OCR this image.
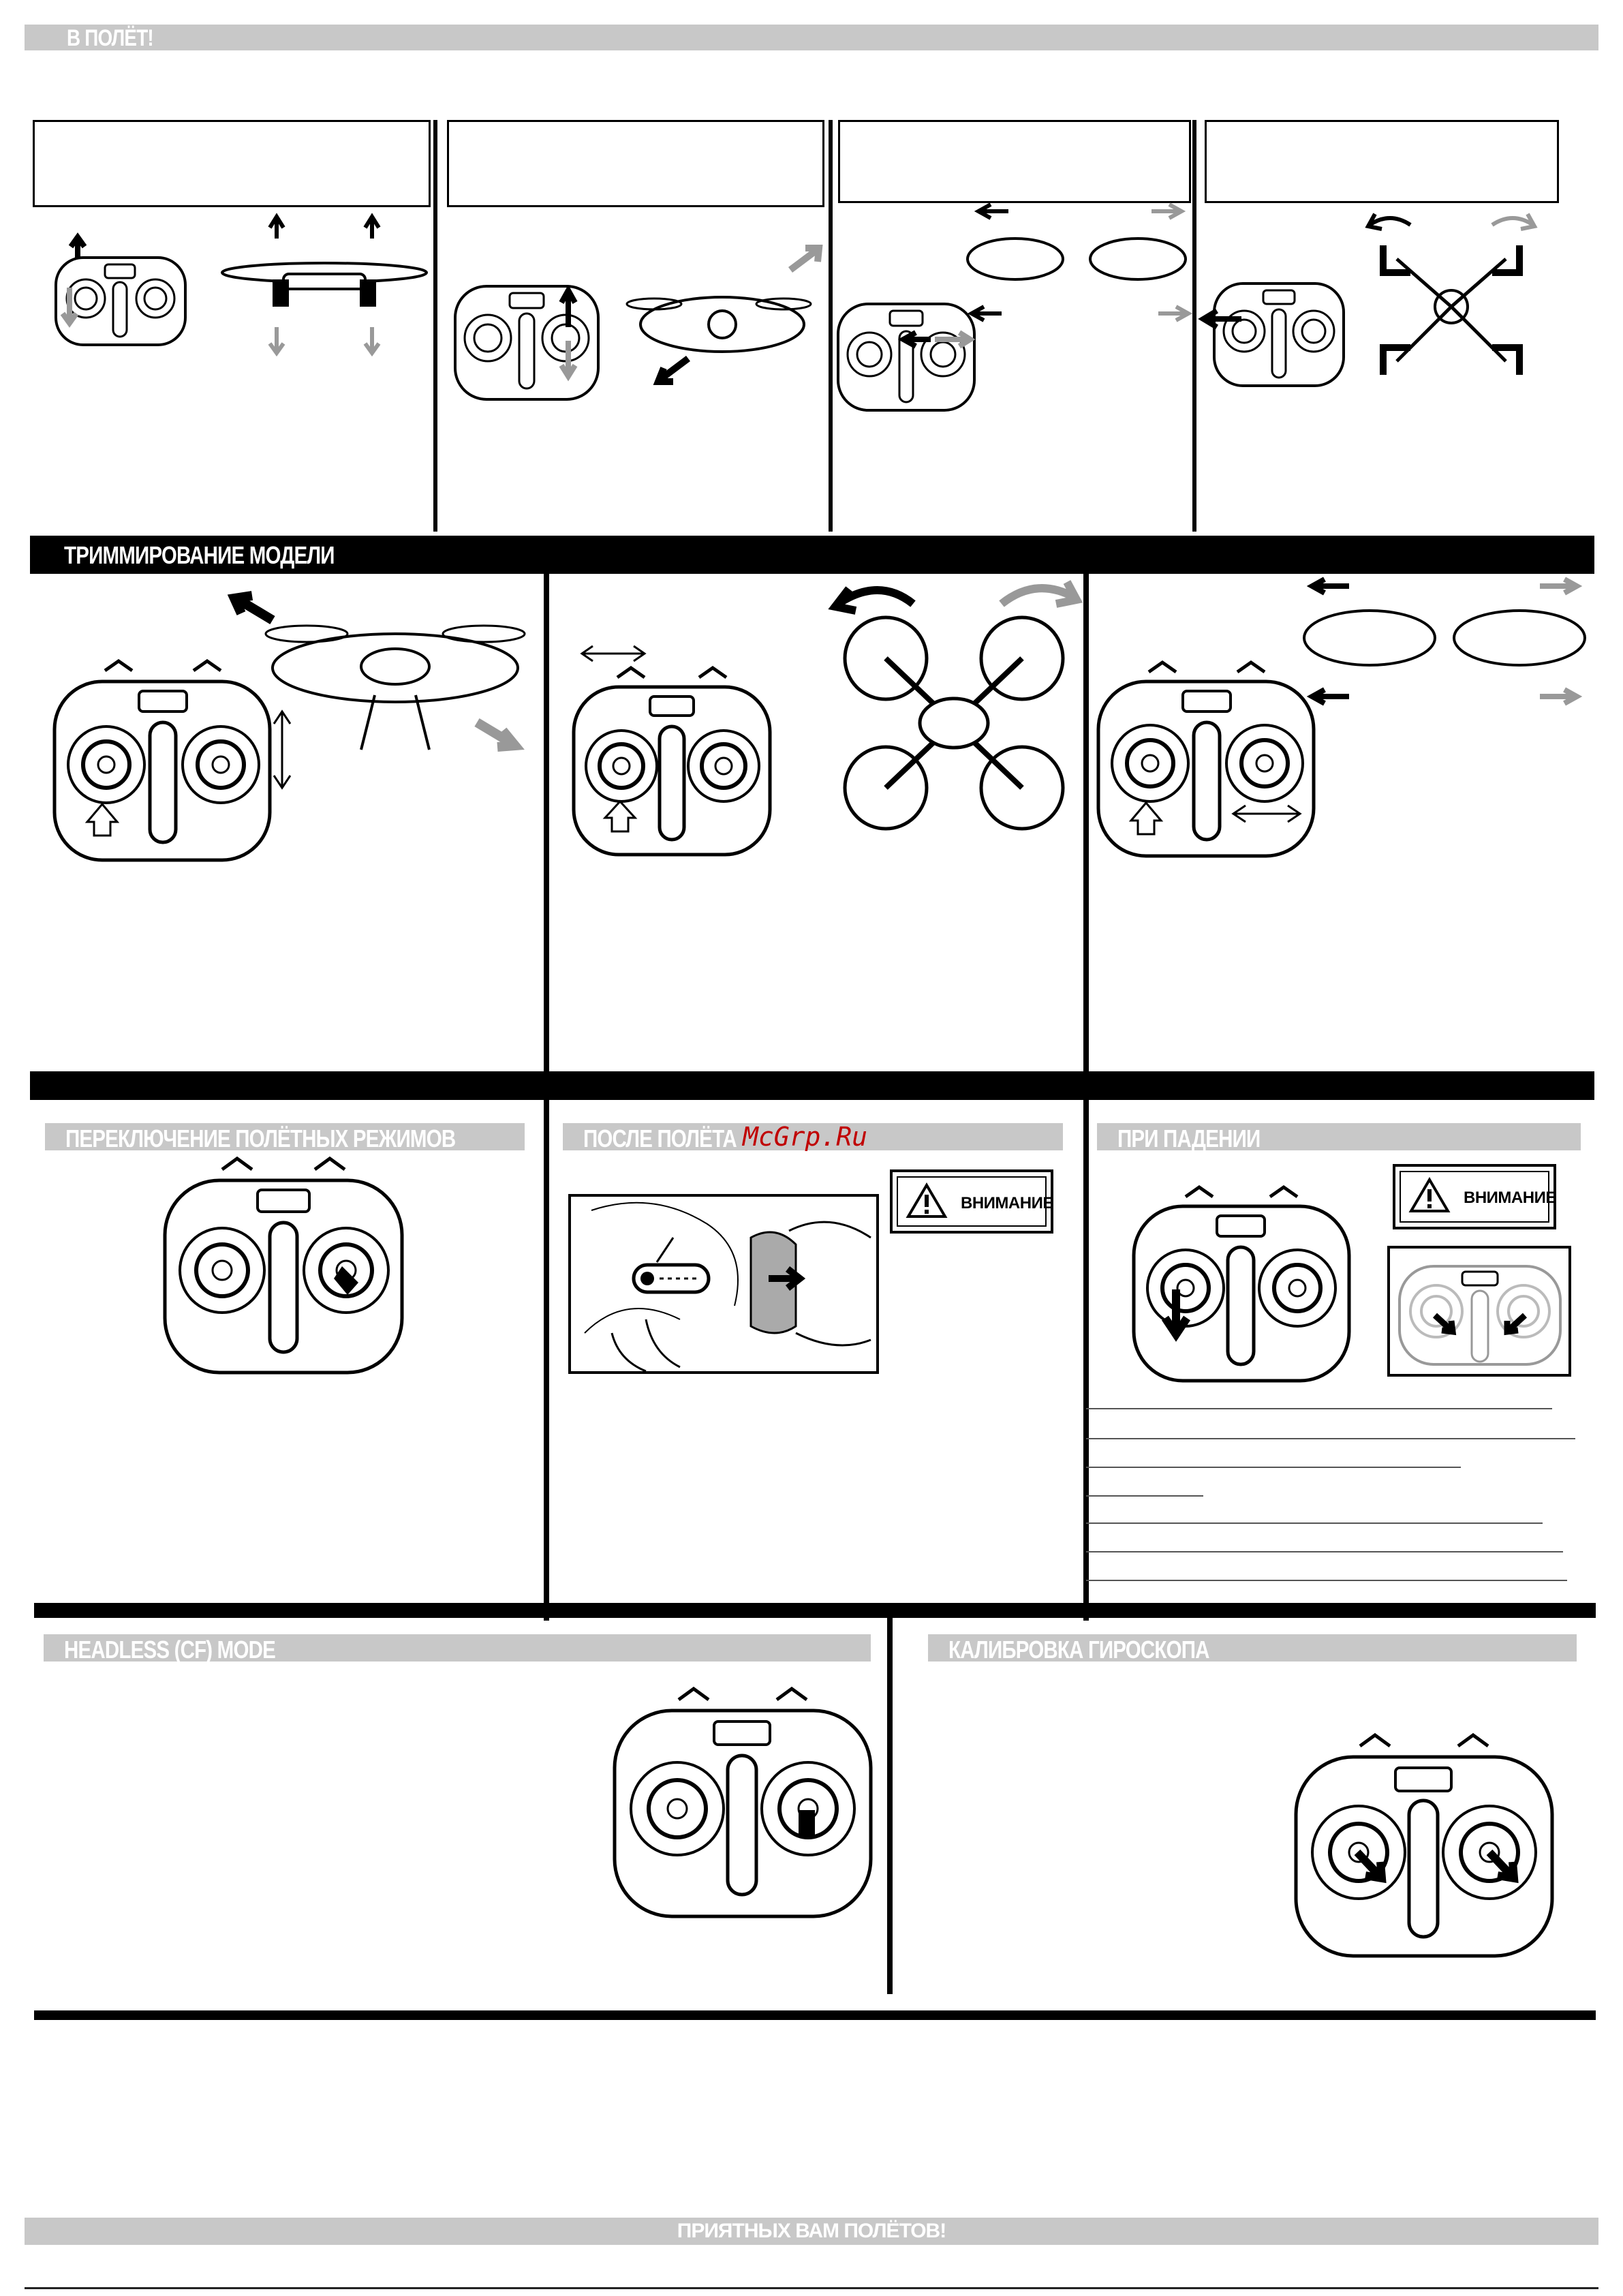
В ПОЛЁТ!
ТРИММИРОВАНИЕ МОДЕЛИ
ПЕРЕКЛЮЧЕНИЕ ПОЛЁТНЫХ РЕЖИМОВ	ПОСЛЕ ПОЛЁТА McGrp.Ru
ВНИМАНИЕ
ПРИ ПАДЕНИИ
ВНИМАНИЕ
HEADLESS (CF) MODE	КАЛИБРОВКА ГИРОСКОПА
ПРИЯТНЫХ ВАМ ПОЛЁТОВ!
